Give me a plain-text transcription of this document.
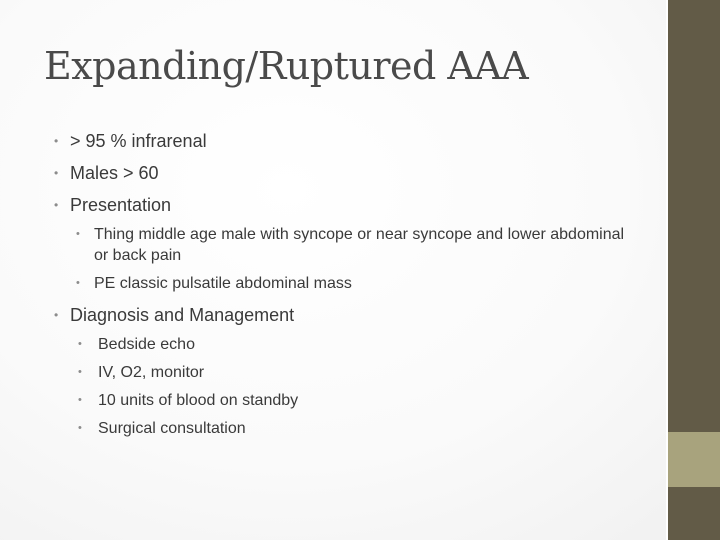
Expanding/Ruptured AAA
• > 95 % infrarenal
• Males > 60
• Presentation
• Thing middle age male with syncope or near syncope and lower abdominal or back pain
• PE classic pulsatile abdominal mass
• Diagnosis and Management
• Bedside echo
• IV, O2, monitor
• 10 units of blood on standby
• Surgical consultation
